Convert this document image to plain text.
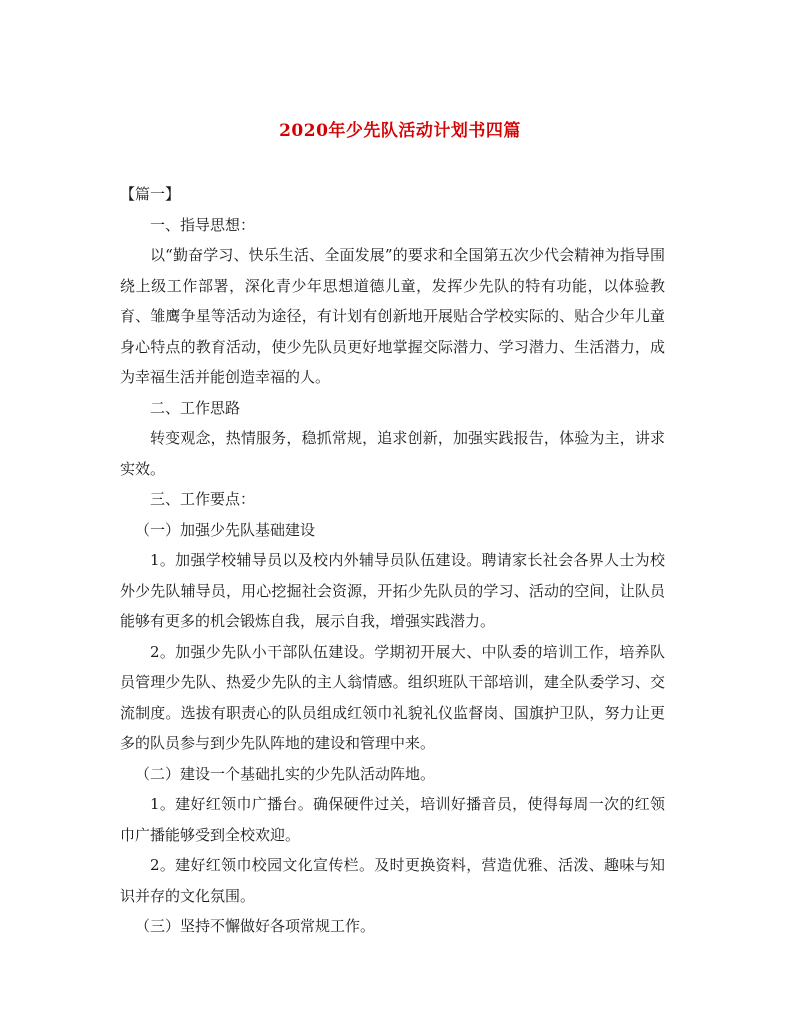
2020年少先队活动计划书四篇

【篇一】

一、指导思想：

以“勤奋学习、快乐生活、全面发展”的要求和全国第五次少代会精神为指导围绕上级工作部署，深化青少年思想道德儿童，发挥少先队的特有功能，以体验教育、雏鹰争星等活动为途径，有计划有创新地开展贴合学校实际的、贴合少年儿童身心特点的教育活动，使少先队员更好地掌握交际潜力、学习潜力、生活潜力，成为幸福生活并能创造幸福的人。

二、工作思路

转变观念，热情服务，稳抓常规，追求创新，加强实践报告，体验为主，讲求实效。

三、工作要点：

（一）加强少先队基础建设

1。加强学校辅导员以及校内外辅导员队伍建设。聘请家长社会各界人士为校外少先队辅导员，用心挖掘社会资源，开拓少先队员的学习、活动的空间，让队员能够有更多的机会锻炼自我，展示自我，增强实践潜力。

2。加强少先队小干部队伍建设。学期初开展大、中队委的培训工作，培养队员管理少先队、热爱少先队的主人翁情感。组织班队干部培训，建全队委学习、交流制度。选拔有职责心的队员组成红领巾礼貌礼仪监督岗、国旗护卫队，努力让更多的队员参与到少先队阵地的建设和管理中来。

（二）建设一个基础扎实的少先队活动阵地。

1。建好红领巾广播台。确保硬件过关，培训好播音员，使得每周一次的红领巾广播能够受到全校欢迎。

2。建好红领巾校园文化宣传栏。及时更换资料，营造优雅、活泼、趣味与知识并存的文化氛围。

（三）坚持不懈做好各项常规工作。
